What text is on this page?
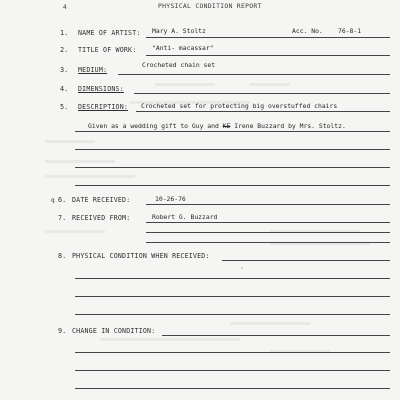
4	PHYSICAL CONDITION REPORT
1. NAME OF ARTIST: Mary A. Stoltz	Acc. No. 76-8-1
2. TITLE OF WORK: "Anti- macassar"
3. MEDIUM:
Crocheted chain set
4. DIMENSIONS:
5. DESCRIPTION: Crocheted set for protecting big overstuffed chairs
Given as a wedding gift to Guy and KE Irene Buzzard by Mrs. Stoltz.
q 6. DATE RECEIVED:	10-26-76
7. RECEIVED FROM:	Robert G. Buzzard
8. PHYSICAL CONDITION WHEN RECEIVED:
`
9. CHANGE IN CONDITION:
